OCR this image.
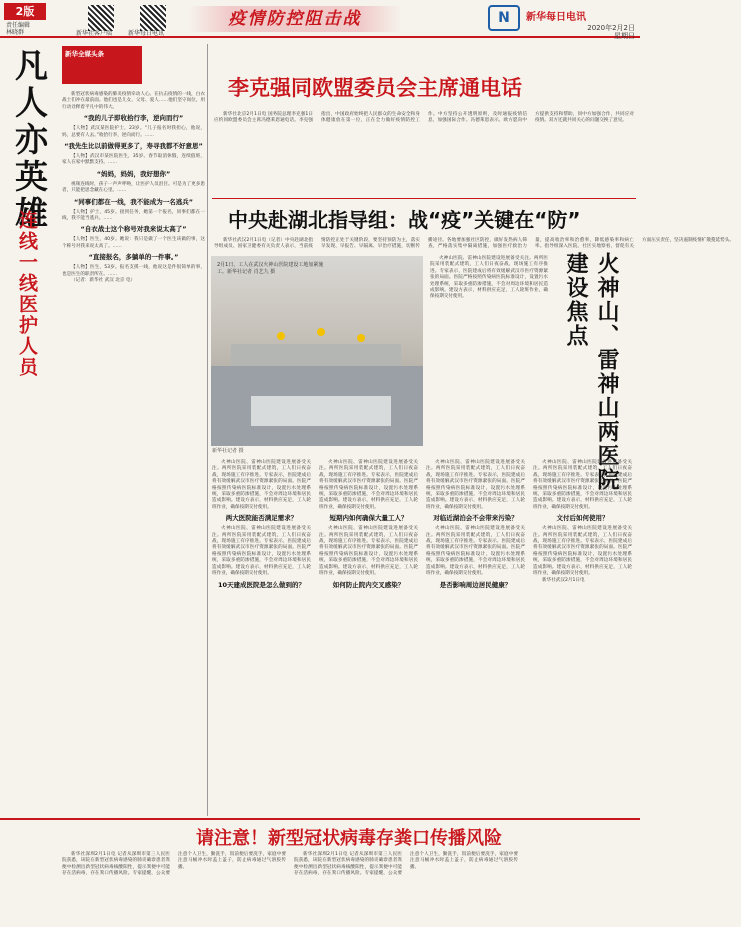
2版
责任编辑
林晓群	新华社客户端	新华每日电讯
疫情防控阻击战	N	新华每日电讯
2020年2月2日
星期日
新华全媒头条
凡人亦英雄
连线一线医护人员

新型冠状病毒感染的肺炎疫情牵动人心。在抗击疫情的一线，白衣战士们冲在最前面。他们也是儿女、父母、爱人……他们坚守岗位，用行动诠释着平凡中的伟大。

“我的儿子即收拾行李，逆向而行”

【人物】武汉某医院护士，23岁。“儿子报名时我担心，他说，妈，总要有人去。”收拾行李，逆向而行。……

“我先生比以前做得更多了，寿寻我都不好意思”

【人物】武汉市某医院医生，35岁。春节取消休假，连续值班，家人在家中默默支持。……

“妈妈，妈妈，我好想你”

视频连线时，孩子一声声呼唤，让医护人员泪目。可是为了更多患者，只能把思念藏在心里。……

“同事们都在一线，我不能成为一名逃兵”

【人物】护士，45岁。接到任务，她第一个报名，同事们都在一线，我不能当逃兵。……

“自衣战士这个称号对我来说太高了”

【人物】医生，40岁。她说：我只是做了一个医生该做的事，这个称号对我来说太高了。……

“直接报名，多躺单的一件事。”

【人物】医生，53岁。报名支援一线，他说这是件很简单的事，也是医生的职责所在。……

（记者：新华社 武汉 北京 电）

李克强同欧盟委员会主席通电话

新华社北京2月1日电 国务院总理李克强1日应约同欧盟委员会主席冯德莱恩通电话。李克强指出，中国政府始终把人民群众的生命安全和身体健康放在第一位，正在全力做好疫情防控工作。中方坚持公开透明原则，及时通报疫情信息，加强国际合作。冯德莱恩表示，欧方愿向中方提供支持和帮助，同中方加强合作，共同应对疫情。双方还就共同关心的问题交换了意见。

中央赴湖北指导组：战“疫”关键在“防”

新华社武汉2月1日电（记者）中央赴湖北指导组成员、国家卫健委有关负责人表示，当前疫情防控正处于关键阶段，要坚持预防为主，落实早发现、早报告、早隔离、早治疗措施，切断传播途径。各地要加强社区防控，做好发热病人筛查，严格落实集中隔离措施，加强医疗救治力量，提高收治率和治愈率，降低感染率和病亡率。指导组深入医院、社区实地察看，督促有关方面压实责任，坚决遏制疫情扩散蔓延势头。

2月1日，工人在武汉火神山医院建设工地加紧施工。新华社记者 肖艺九 摄
新华社记者 摄	火神山、雷神山两医院建设焦点

火神山医院、雷神山医院建设进展备受关注。两所医院采用装配式建筑，工人们日夜奋战，现场施工有序推进。专家表示，医院建成后将有效缓解武汉市医疗资源紧张的局面。医院严格按照传染病医院标准设计，设置污水处理系统，采取多重防渗措施，不会对周边环境和居民造成影响。建设方表示，材料供应充足，工人轮班作业，确保按期交付使用。

火神山医院、雷神山医院建设进展备受关注。两所医院采用装配式建筑，工人们日夜奋战，现场施工有序推进。专家表示，医院建成后将有效缓解武汉市医疗资源紧张的局面。医院严格按照传染病医院标准设计，设置污水处理系统，采取多重防渗措施，不会对周边环境和居民造成影响。建设方表示，材料供应充足，工人轮班作业，确保按期交付使用。

两大医院能否满足需求？

火神山医院、雷神山医院建设进展备受关注。两所医院采用装配式建筑，工人们日夜奋战，现场施工有序推进。专家表示，医院建成后将有效缓解武汉市医疗资源紧张的局面。医院严格按照传染病医院标准设计，设置污水处理系统，采取多重防渗措施，不会对周边环境和居民造成影响。建设方表示，材料供应充足，工人轮班作业，确保按期交付使用。

10天建成医院是怎么做到的？

火神山医院、雷神山医院建设进展备受关注。两所医院采用装配式建筑，工人们日夜奋战，现场施工有序推进。专家表示，医院建成后将有效缓解武汉市医疗资源紧张的局面。医院严格按照传染病医院标准设计，设置污水处理系统，采取多重防渗措施，不会对周边环境和居民造成影响。建设方表示，材料供应充足，工人轮班作业，确保按期交付使用。

短期内如何确保大量工人？

火神山医院、雷神山医院建设进展备受关注。两所医院采用装配式建筑，工人们日夜奋战，现场施工有序推进。专家表示，医院建成后将有效缓解武汉市医疗资源紧张的局面。医院严格按照传染病医院标准设计，设置污水处理系统，采取多重防渗措施，不会对周边环境和居民造成影响。建设方表示，材料供应充足，工人轮班作业，确保按期交付使用。

如何防止院内交叉感染？

火神山医院、雷神山医院建设进展备受关注。两所医院采用装配式建筑，工人们日夜奋战，现场施工有序推进。专家表示，医院建成后将有效缓解武汉市医疗资源紧张的局面。医院严格按照传染病医院标准设计，设置污水处理系统，采取多重防渗措施，不会对周边环境和居民造成影响。建设方表示，材料供应充足，工人轮班作业，确保按期交付使用。

对临近湖泊会不会带来污染？

火神山医院、雷神山医院建设进展备受关注。两所医院采用装配式建筑，工人们日夜奋战，现场施工有序推进。专家表示，医院建成后将有效缓解武汉市医疗资源紧张的局面。医院严格按照传染病医院标准设计，设置污水处理系统，采取多重防渗措施，不会对周边环境和居民造成影响。建设方表示，材料供应充足，工人轮班作业，确保按期交付使用。

是否影响周边居民健康？

火神山医院、雷神山医院建设进展备受关注。两所医院采用装配式建筑，工人们日夜奋战，现场施工有序推进。专家表示，医院建成后将有效缓解武汉市医疗资源紧张的局面。医院严格按照传染病医院标准设计，设置污水处理系统，采取多重防渗措施，不会对周边环境和居民造成影响。建设方表示，材料供应充足，工人轮班作业，确保按期交付使用。

文付后如何使用？

火神山医院、雷神山医院建设进展备受关注。两所医院采用装配式建筑，工人们日夜奋战，现场施工有序推进。专家表示，医院建成后将有效缓解武汉市医疗资源紧张的局面。医院严格按照传染病医院标准设计，设置污水处理系统，采取多重防渗措施，不会对周边环境和居民造成影响。建设方表示，材料供应充足，工人轮班作业，确保按期交付使用。

新华社武汉2月1日电

请注意！新型冠状病毒存粪口传播风险

新华社深圳2月1日电 记者从深圳市第三人民医院获悉，该院在新型冠状病毒感染的肺炎确诊患者粪便中检测出新型冠状病毒核酸阳性，提示粪便中可能存在活病毒，存在粪口传播风险。专家提醒，公众要注意个人卫生，勤洗手，饭前便后要洗手，家庭中要注意马桶冲水时盖上盖子，防止病毒通过气溶胶传播。

新华社深圳2月1日电 记者从深圳市第三人民医院获悉，该院在新型冠状病毒感染的肺炎确诊患者粪便中检测出新型冠状病毒核酸阳性，提示粪便中可能存在活病毒，存在粪口传播风险。专家提醒，公众要注意个人卫生，勤洗手，饭前便后要洗手，家庭中要注意马桶冲水时盖上盖子，防止病毒通过气溶胶传播。
